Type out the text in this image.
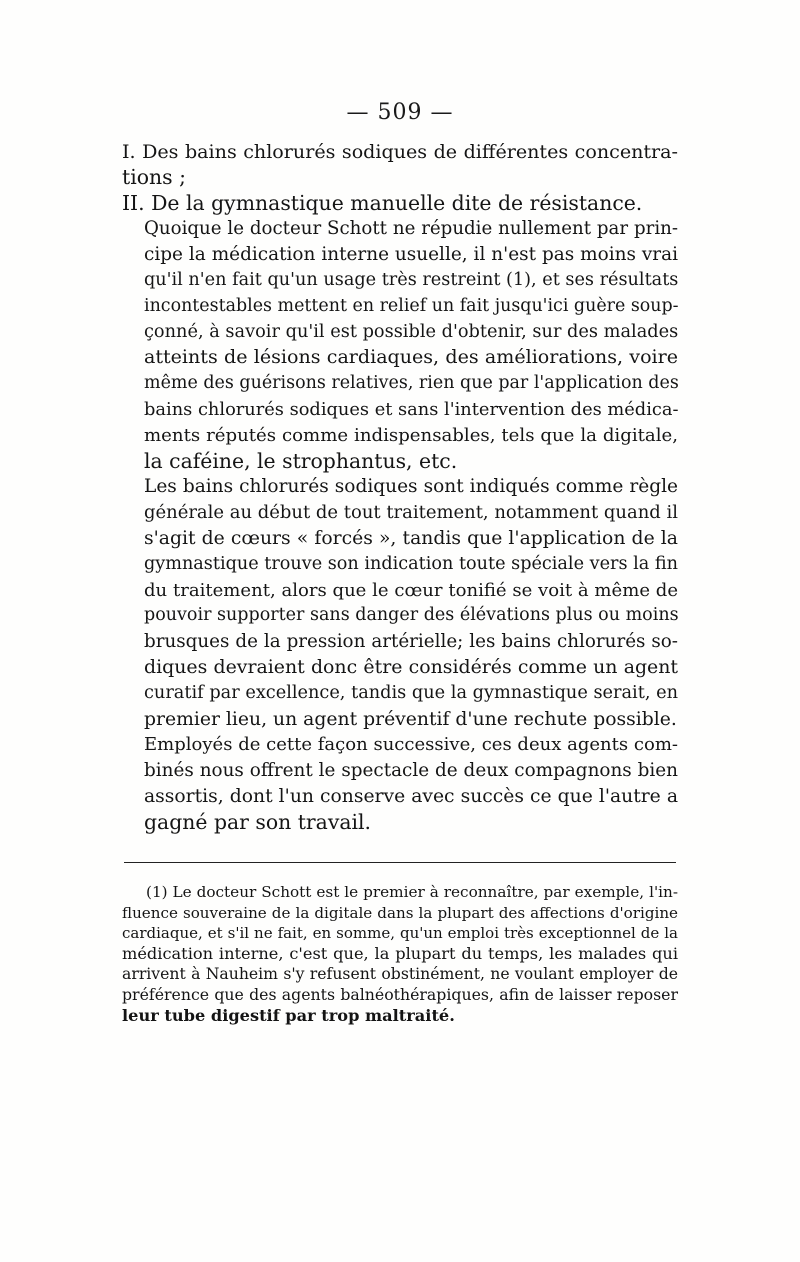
— 509 —

I. Des bains chlorurés sodiques de différentes concentra-
tions ;

II. De la gymnastique manuelle dite de résistance.

Quoique le docteur Schott ne répudie nullement par prin-
cipe la médication interne usuelle, il n'est pas moins vrai
qu'il n'en fait qu'un usage très restreint (1), et ses résultats
incontestables mettent en relief un fait jusqu'ici guère soup-
çonné, à savoir qu'il est possible d'obtenir, sur des malades
atteints de lésions cardiaques, des améliorations, voire
même des guérisons relatives, rien que par l'application des
bains chlorurés sodiques et sans l'intervention des médica-
ments réputés comme indispensables, tels que la digitale,
la caféine, le strophantus, etc.

Les bains chlorurés sodiques sont indiqués comme règle
générale au début de tout traitement, notamment quand il
s'agit de cœurs « forcés », tandis que l'application de la
gymnastique trouve son indication toute spéciale vers la fin
du traitement, alors que le cœur tonifié se voit à même de
pouvoir supporter sans danger des élévations plus ou moins
brusques de la pression artérielle; les bains chlorurés so-
diques devraient donc être considérés comme un agent
curatif par excellence, tandis que la gymnastique serait, en
premier lieu, un agent préventif d'une rechute possible.

Employés de cette façon successive, ces deux agents com-
binés nous offrent le spectacle de deux compagnons bien
assortis, dont l'un conserve avec succès ce que l'autre a
gagné par son travail.

(1) Le docteur Schott est le premier à reconnaître, par exemple, l'in-
fluence souveraine de la digitale dans la plupart des affections d'origine
cardiaque, et s'il ne fait, en somme, qu'un emploi très exceptionnel de la
médication interne, c'est que, la plupart du temps, les malades qui
arrivent à Nauheim s'y refusent obstinément, ne voulant employer de
préférence que des agents balnéothérapiques, afin de laisser reposer
leur tube digestif par trop maltraité.
